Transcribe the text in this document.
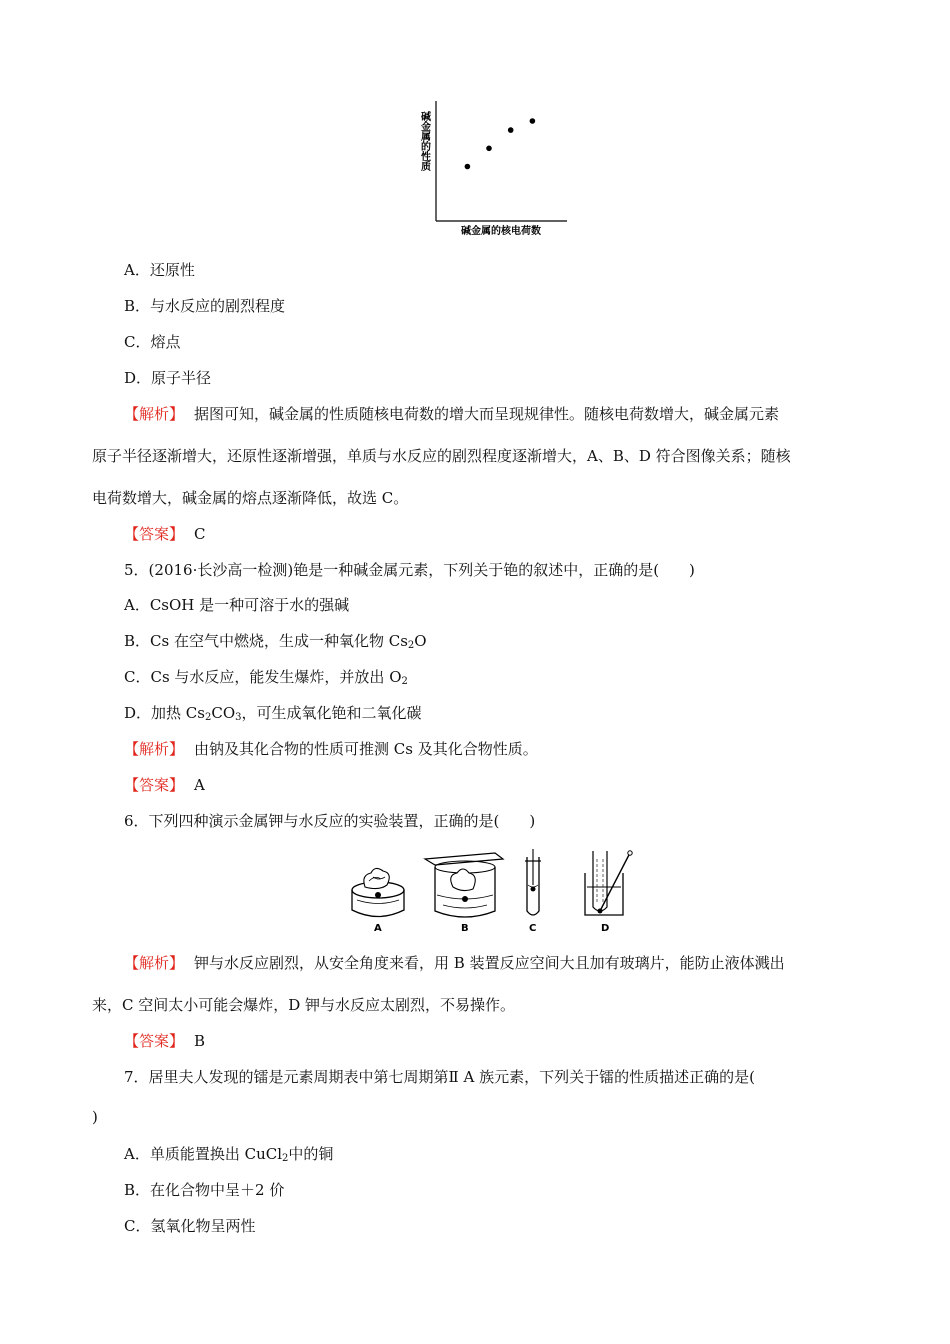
碱金属的性质
碱金属的核电荷数
A．还原性
B．与水反应的剧烈程度
C．熔点
D．原子半径
【解析】 据图可知，碱金属的性质随核电荷数的增大而呈现规律性。随核电荷数增大，碱金属元素
原子半径逐渐增大，还原性逐渐增强，单质与水反应的剧烈程度逐渐增大，A、B、D 符合图像关系；随核
电荷数增大，碱金属的熔点逐渐降低，故选 C。
【答案】 C
5．(2016·长沙高一检测)铯是一种碱金属元素，下列关于铯的叙述中，正确的是(　　)
A．CsOH 是一种可溶于水的强碱
B．Cs 在空气中燃烧，生成一种氧化物 $Cs_2O$
C．Cs 与水反应，能发生爆炸，并放出 $O_2$
D．加热 $Cs_2CO_3$，可生成氧化铯和二氧化碳
【解析】 由钠及其化合物的性质可推测 Cs 及其化合物性质。
【答案】 A
6．下列四种演示金属钾与水反应的实验装置，正确的是(　　)
A	B	C	D
【解析】 钾与水反应剧烈，从安全角度来看，用 B 装置反应空间大且加有玻璃片，能防止液体溅出
来，C 空间太小可能会爆炸，D 钾与水反应太剧烈，不易操作。
【答案】 B
7．居里夫人发现的镭是元素周期表中第七周期第Ⅱ A 族元素，下列关于镭的性质描述正确的是(
)
A．单质能置换出 CuCl$_2$中的铜
B．在化合物中呈＋2 价
C．氢氧化物呈两性
